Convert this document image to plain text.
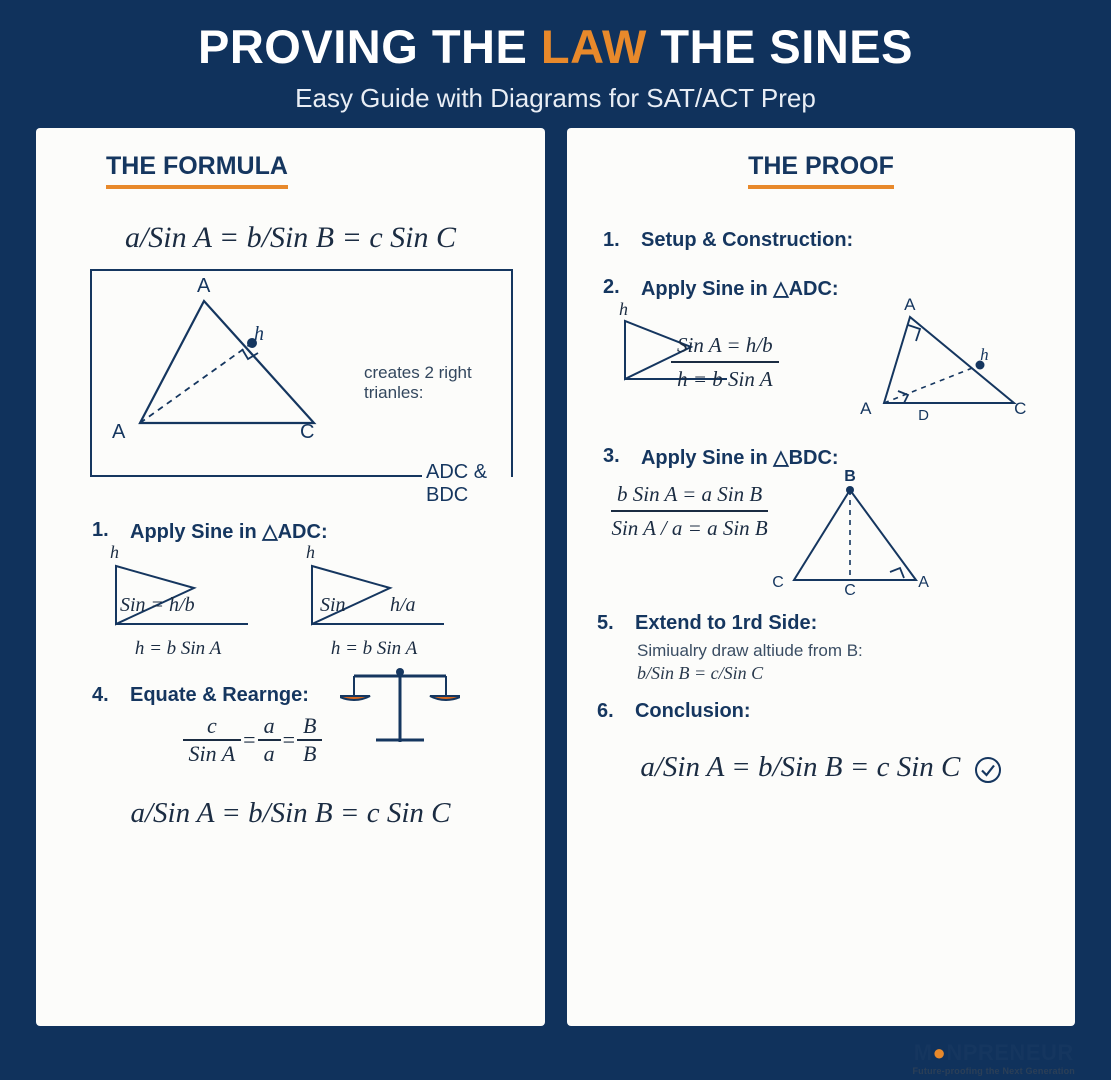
PROVING THE LAW THE SINES
Easy Guide with Diagrams for SAT/ACT Prep
THE FORMULA
a/Sin A = b/Sin B = c Sin C
A
A	C
h
creates 2 right trianles:
ADC & BDC
1.	Apply Sine in △ADC:
h
Sin = h/b
h = b Sin A
h
Sin h/a
h = b Sin A
4.	Equate & Rearnge:
$\frac{c}{\text{Sin A}} = \frac{a}{a} = \frac{B}{B}$
a/Sin A = b/Sin B = c Sin C
THE PROOF
1.	Setup & Construction:
2.	Apply Sine in △ADC:
h
Sin A = h/b
h = b Sin A
A
A	D	C
h
3.	Apply Sine in △BDC:
b Sin A = a Sin B
Sin A / a = a Sin B
B
C	C	A
5.	Extend to 1rd Side:
Simiualry draw altiude from B:
b/Sin B = c/Sin C
6.	Conclusion:
a/Sin A = b/Sin B = c Sin C
M●NPRENEUR
Future-proofing the Next Generation
